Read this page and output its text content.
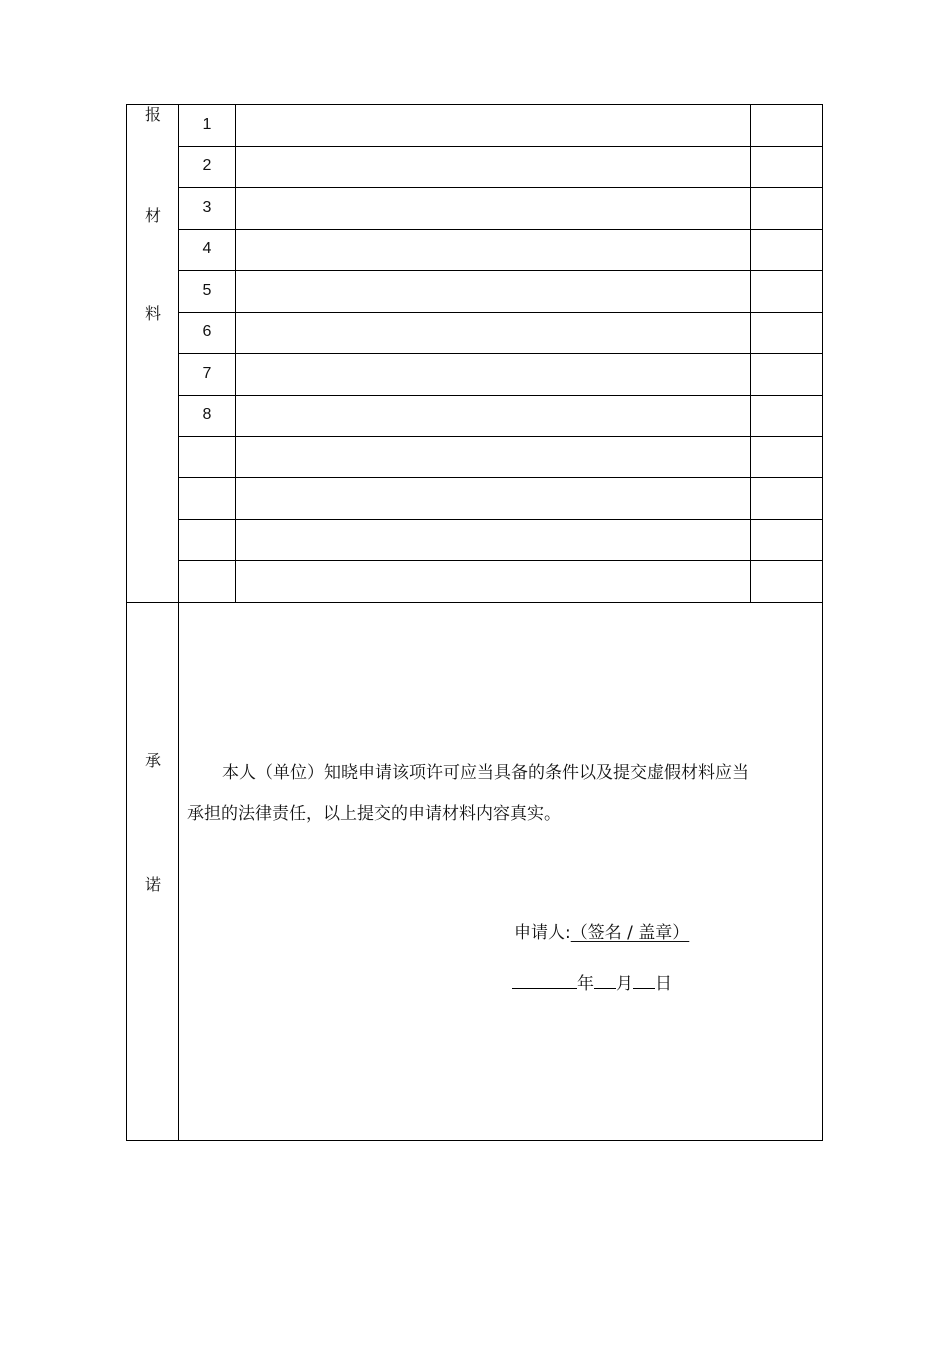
报
材
料
1
2
3
4
5
6
7
8
承
诺
本人（单位）知晓申请该项许可应当具备的条件以及提交虚假材料应当
承担的法律责任，以上提交的申请材料内容真实。
申请人:（签名 / 盖章）
年 月 日
